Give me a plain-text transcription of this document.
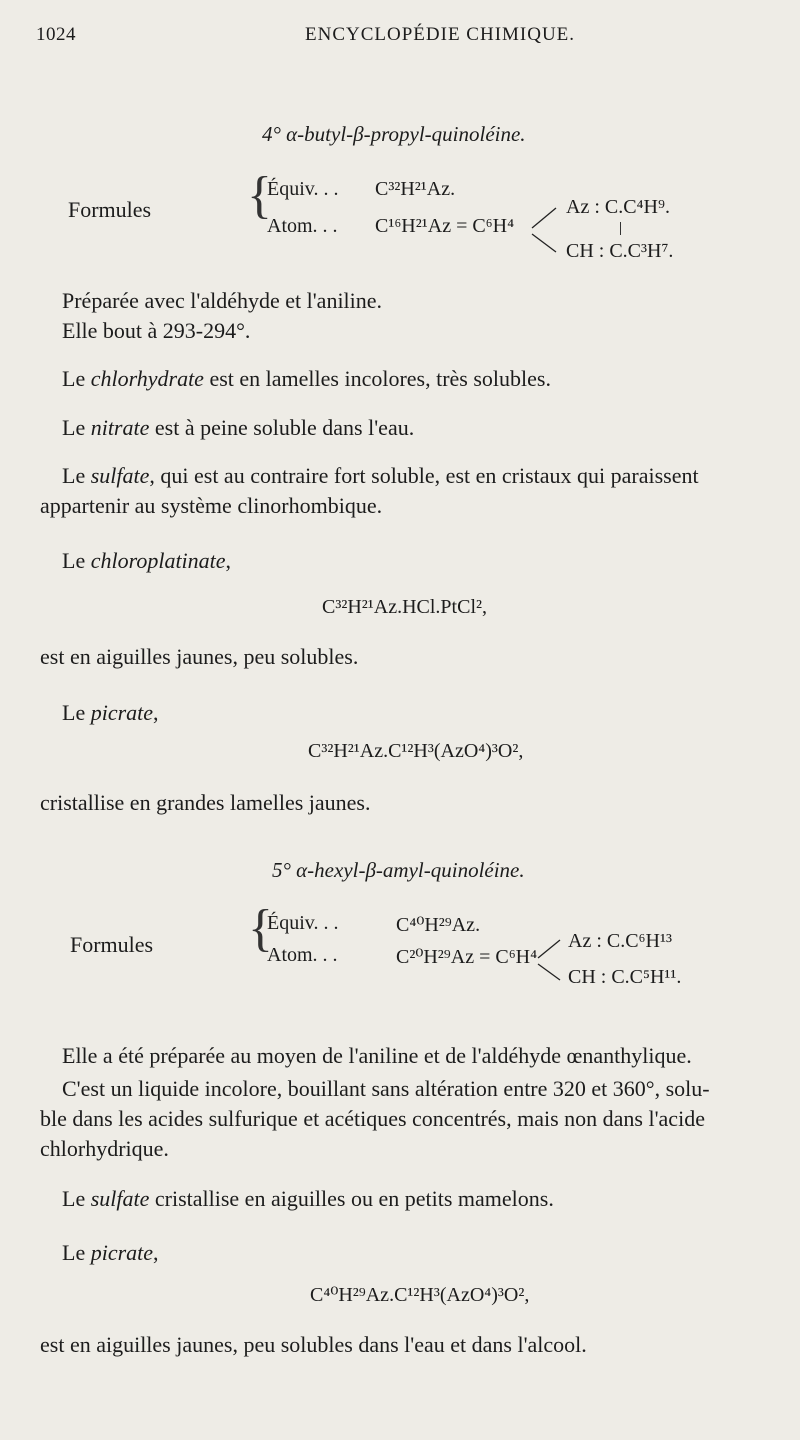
1024	ENCYCLOPÉDIE CHIMIQUE.
4° α-butyl-β-propyl-quinoléine.
Formules {
Équiv. . . C³²H²¹Az.
Atom. . . C¹⁶H²¹Az = C⁶H⁴
Az : C.C⁴H⁹.
CH : C.C³H⁷.
Préparée avec l'aldéhyde et l'aniline.
Elle bout à 293-294°.
Le chlorhydrate est en lamelles incolores, très solubles.
Le nitrate est à peine soluble dans l'eau.
Le sulfate, qui est au contraire fort soluble, est en cristaux qui paraissent
appartenir au système clinorhombique.
Le chloroplatinate,
C³²H²¹Az.HCl.PtCl²,
est en aiguilles jaunes, peu solubles.
Le picrate,
C³²H²¹Az.C¹²H³(AzO⁴)³O²,
cristallise en grandes lamelles jaunes.
5° α-hexyl-β-amyl-quinoléine.
Formules {
Équiv. . .	C⁴⁰H²⁹Az.
Atom. . .	C²⁰H²⁹Az = C⁶H⁴
Az : C.C⁶H¹³
CH : C.C⁵H¹¹.
Elle a été préparée au moyen de l'aniline et de l'aldéhyde œnanthylique.
C'est un liquide incolore, bouillant sans altération entre 320 et 360°, solu-
ble dans les acides sulfurique et acétiques concentrés, mais non dans l'acide
chlorhydrique.
Le sulfate cristallise en aiguilles ou en petits mamelons.
Le picrate,
C⁴⁰H²⁹Az.C¹²H³(AzO⁴)³O²,
est en aiguilles jaunes, peu solubles dans l'eau et dans l'alcool.
